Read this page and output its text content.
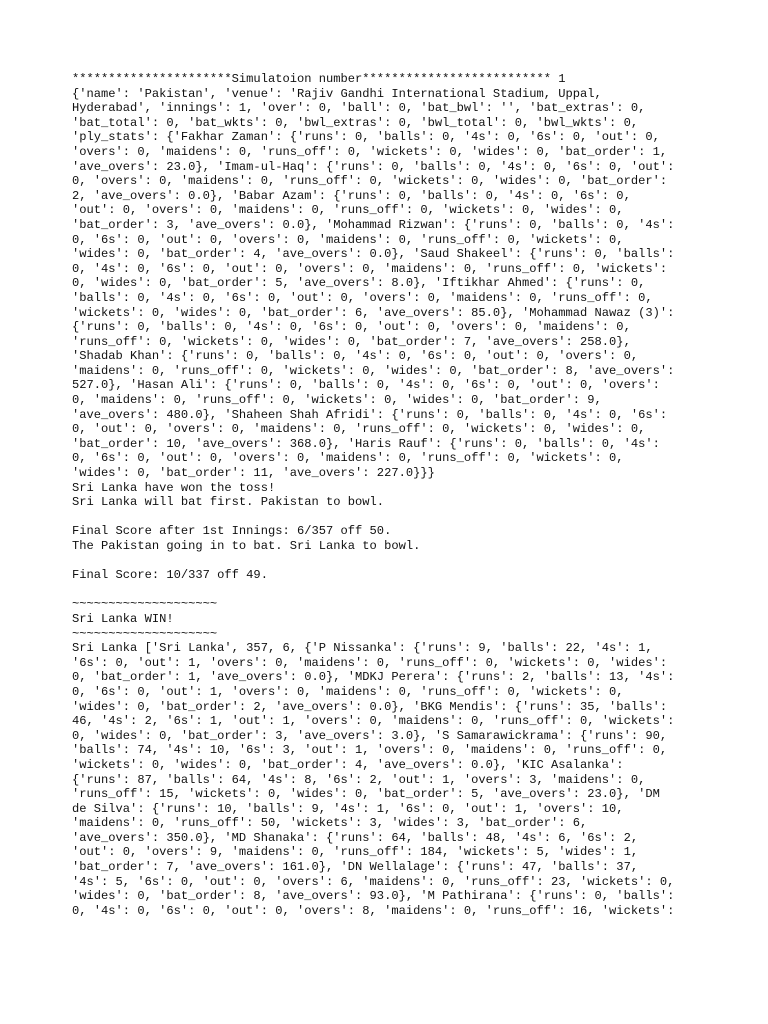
**********************Simulatoion number************************** 1
{'name': 'Pakistan', 'venue': 'Rajiv Gandhi International Stadium, Uppal,
Hyderabad', 'innings': 1, 'over': 0, 'ball': 0, 'bat_bwl': '', 'bat_extras': 0,
'bat_total': 0, 'bat_wkts': 0, 'bwl_extras': 0, 'bwl_total': 0, 'bwl_wkts': 0,
'ply_stats': {'Fakhar Zaman': {'runs': 0, 'balls': 0, '4s': 0, '6s': 0, 'out': 0,
'overs': 0, 'maidens': 0, 'runs_off': 0, 'wickets': 0, 'wides': 0, 'bat_order': 1,
'ave_overs': 23.0}, 'Imam-ul-Haq': {'runs': 0, 'balls': 0, '4s': 0, '6s': 0, 'out':
0, 'overs': 0, 'maidens': 0, 'runs_off': 0, 'wickets': 0, 'wides': 0, 'bat_order':
2, 'ave_overs': 0.0}, 'Babar Azam': {'runs': 0, 'balls': 0, '4s': 0, '6s': 0,
'out': 0, 'overs': 0, 'maidens': 0, 'runs_off': 0, 'wickets': 0, 'wides': 0,
'bat_order': 3, 'ave_overs': 0.0}, 'Mohammad Rizwan': {'runs': 0, 'balls': 0, '4s':
0, '6s': 0, 'out': 0, 'overs': 0, 'maidens': 0, 'runs_off': 0, 'wickets': 0,
'wides': 0, 'bat_order': 4, 'ave_overs': 0.0}, 'Saud Shakeel': {'runs': 0, 'balls':
0, '4s': 0, '6s': 0, 'out': 0, 'overs': 0, 'maidens': 0, 'runs_off': 0, 'wickets':
0, 'wides': 0, 'bat_order': 5, 'ave_overs': 8.0}, 'Iftikhar Ahmed': {'runs': 0,
'balls': 0, '4s': 0, '6s': 0, 'out': 0, 'overs': 0, 'maidens': 0, 'runs_off': 0,
'wickets': 0, 'wides': 0, 'bat_order': 6, 'ave_overs': 85.0}, 'Mohammad Nawaz (3)':
{'runs': 0, 'balls': 0, '4s': 0, '6s': 0, 'out': 0, 'overs': 0, 'maidens': 0,
'runs_off': 0, 'wickets': 0, 'wides': 0, 'bat_order': 7, 'ave_overs': 258.0},
'Shadab Khan': {'runs': 0, 'balls': 0, '4s': 0, '6s': 0, 'out': 0, 'overs': 0,
'maidens': 0, 'runs_off': 0, 'wickets': 0, 'wides': 0, 'bat_order': 8, 'ave_overs':
527.0}, 'Hasan Ali': {'runs': 0, 'balls': 0, '4s': 0, '6s': 0, 'out': 0, 'overs':
0, 'maidens': 0, 'runs_off': 0, 'wickets': 0, 'wides': 0, 'bat_order': 9,
'ave_overs': 480.0}, 'Shaheen Shah Afridi': {'runs': 0, 'balls': 0, '4s': 0, '6s':
0, 'out': 0, 'overs': 0, 'maidens': 0, 'runs_off': 0, 'wickets': 0, 'wides': 0,
'bat_order': 10, 'ave_overs': 368.0}, 'Haris Rauf': {'runs': 0, 'balls': 0, '4s':
0, '6s': 0, 'out': 0, 'overs': 0, 'maidens': 0, 'runs_off': 0, 'wickets': 0,
'wides': 0, 'bat_order': 11, 'ave_overs': 227.0}}}
Sri Lanka have won the toss!
Sri Lanka will bat first. Pakistan to bowl.
Final Score after 1st Innings: 6/357 off 50.
The Pakistan going in to bat. Sri Lanka to bowl.
Final Score: 10/337 off 49.
~~~~~~~~~~~~~~~~~~~~
Sri Lanka WIN!
~~~~~~~~~~~~~~~~~~~~
Sri Lanka ['Sri Lanka', 357, 6, {'P Nissanka': {'runs': 9, 'balls': 22, '4s': 1,
'6s': 0, 'out': 1, 'overs': 0, 'maidens': 0, 'runs_off': 0, 'wickets': 0, 'wides':
0, 'bat_order': 1, 'ave_overs': 0.0}, 'MDKJ Perera': {'runs': 2, 'balls': 13, '4s':
0, '6s': 0, 'out': 1, 'overs': 0, 'maidens': 0, 'runs_off': 0, 'wickets': 0,
'wides': 0, 'bat_order': 2, 'ave_overs': 0.0}, 'BKG Mendis': {'runs': 35, 'balls':
46, '4s': 2, '6s': 1, 'out': 1, 'overs': 0, 'maidens': 0, 'runs_off': 0, 'wickets':
0, 'wides': 0, 'bat_order': 3, 'ave_overs': 3.0}, 'S Samarawickrama': {'runs': 90,
'balls': 74, '4s': 10, '6s': 3, 'out': 1, 'overs': 0, 'maidens': 0, 'runs_off': 0,
'wickets': 0, 'wides': 0, 'bat_order': 4, 'ave_overs': 0.0}, 'KIC Asalanka':
{'runs': 87, 'balls': 64, '4s': 8, '6s': 2, 'out': 1, 'overs': 3, 'maidens': 0,
'runs_off': 15, 'wickets': 0, 'wides': 0, 'bat_order': 5, 'ave_overs': 23.0}, 'DM
de Silva': {'runs': 10, 'balls': 9, '4s': 1, '6s': 0, 'out': 1, 'overs': 10,
'maidens': 0, 'runs_off': 50, 'wickets': 3, 'wides': 3, 'bat_order': 6,
'ave_overs': 350.0}, 'MD Shanaka': {'runs': 64, 'balls': 48, '4s': 6, '6s': 2,
'out': 0, 'overs': 9, 'maidens': 0, 'runs_off': 184, 'wickets': 5, 'wides': 1,
'bat_order': 7, 'ave_overs': 161.0}, 'DN Wellalage': {'runs': 47, 'balls': 37,
'4s': 5, '6s': 0, 'out': 0, 'overs': 6, 'maidens': 0, 'runs_off': 23, 'wickets': 0,
'wides': 0, 'bat_order': 8, 'ave_overs': 93.0}, 'M Pathirana': {'runs': 0, 'balls':
0, '4s': 0, '6s': 0, 'out': 0, 'overs': 8, 'maidens': 0, 'runs_off': 16, 'wickets':
